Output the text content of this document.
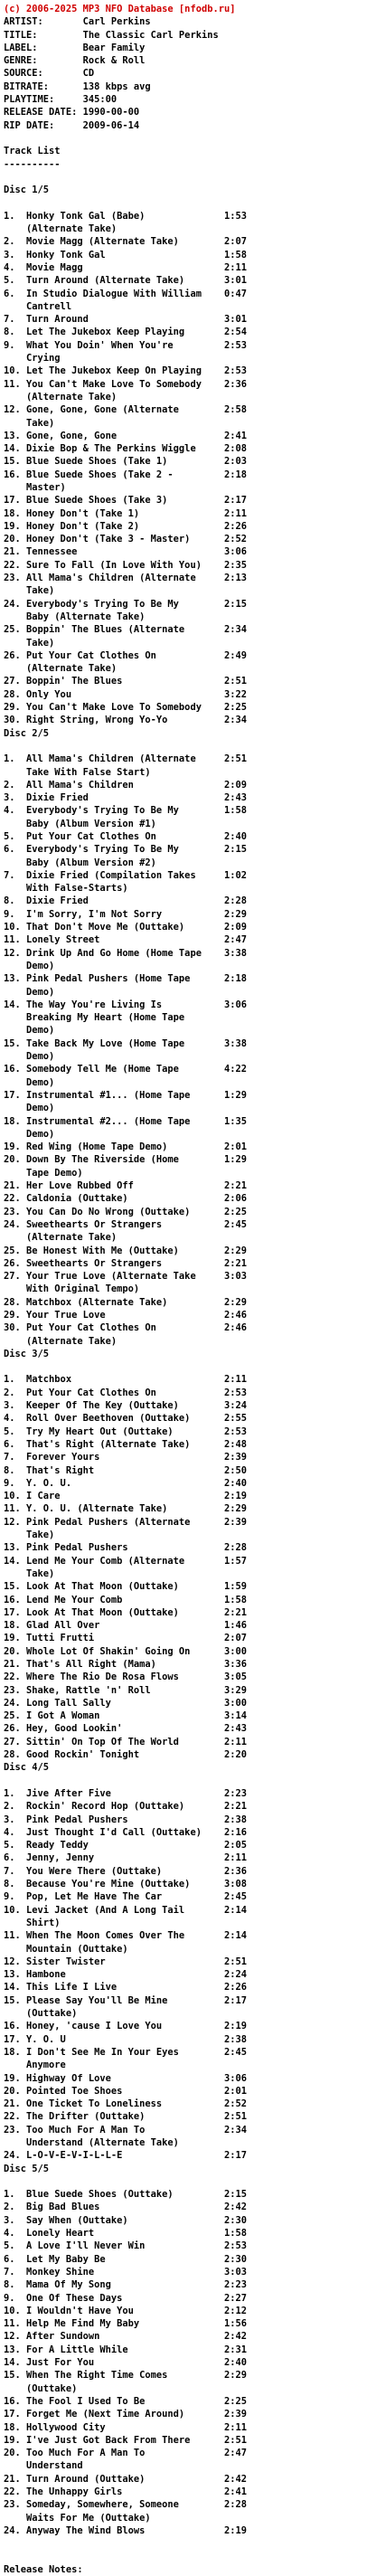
(c) 2006-2025 MP3 NFO Database [nfodb.ru]
ARTIST:       Carl Perkins
TITLE:        The Classic Carl Perkins
LABEL:        Bear Family
GENRE:        Rock & Roll
SOURCE:       CD
BITRATE:      138 kbps avg
PLAYTIME:     345:00
RELEASE DATE: 1990-00-00
RIP DATE:     2009-06-14

Track List
----------

Disc 1/5

1.  Honky Tonk Gal (Babe)              1:53
(Alternate Take)
2.  Movie Magg (Alternate Take)        2:07
3.  Honky Tonk Gal                     1:58
4.  Movie Magg                         2:11
5.  Turn Around (Alternate Take)       3:01
6.  In Studio Dialogue With William    0:47
Cantrell
7.  Turn Around                        3:01
8.  Let The Jukebox Keep Playing       2:54
9.  What You Doin' When You're         2:53
Crying
10. Let The Jukebox Keep On Playing    2:53
11. You Can't Make Love To Somebody    2:36
(Alternate Take)
12. Gone, Gone, Gone (Alternate        2:58
Take)
13. Gone, Gone, Gone                   2:41
14. Dixie Bop & The Perkins Wiggle     2:08
15. Blue Suede Shoes (Take 1)          2:03
16. Blue Suede Shoes (Take 2 -         2:18
Master)
17. Blue Suede Shoes (Take 3)          2:17
18. Honey Don't (Take 1)               2:11
19. Honey Don't (Take 2)               2:26
20. Honey Don't (Take 3 - Master)      2:52
21. Tennessee                          3:06
22. Sure To Fall (In Love With You)    2:35
23. All Mama's Children (Alternate     2:13
Take)
24. Everybody's Trying To Be My        2:15
Baby (Alternate Take)
25. Boppin' The Blues (Alternate       2:34
Take)
26. Put Your Cat Clothes On            2:49
(Alternate Take)
27. Boppin' The Blues                  2:51
28. Only You                           3:22
29. You Can't Make Love To Somebody    2:25
30. Right String, Wrong Yo-Yo          2:34
Disc 2/5

1.  All Mama's Children (Alternate     2:51
Take With False Start)
2.  All Mama's Children                2:09
3.  Dixie Fried                        2:43
4.  Everybody's Trying To Be My        1:58
Baby (Album Version #1)
5.  Put Your Cat Clothes On            2:40
6.  Everybody's Trying To Be My        2:15
Baby (Album Version #2)
7.  Dixie Fried (Compilation Takes     1:02
With False-Starts)
8.  Dixie Fried                        2:28
9.  I'm Sorry, I'm Not Sorry           2:29
10. That Don't Move Me (Outtake)       2:09
11. Lonely Street                      2:47
12. Drink Up And Go Home (Home Tape    3:38
Demo)
13. Pink Pedal Pushers (Home Tape      2:18
Demo)
14. The Way You're Living Is           3:06
Breaking My Heart (Home Tape
Demo)
15. Take Back My Love (Home Tape       3:38
Demo)
16. Somebody Tell Me (Home Tape        4:22
Demo)
17. Instrumental #1... (Home Tape      1:29
Demo)
18. Instrumental #2... (Home Tape      1:35
Demo)
19. Red Wing (Home Tape Demo)          2:01
20. Down By The Riverside (Home        1:29
Tape Demo)
21. Her Love Rubbed Off                2:21
22. Caldonia (Outtake)                 2:06
23. You Can Do No Wrong (Outtake)      2:25
24. Sweethearts Or Strangers           2:45
(Alternate Take)
25. Be Honest With Me (Outtake)        2:29
26. Sweethearts Or Strangers           2:21
27. Your True Love (Alternate Take     3:03
With Original Tempo)
28. Matchbox (Alternate Take)          2:29
29. Your True Love                     2:46
30. Put Your Cat Clothes On            2:46
(Alternate Take)
Disc 3/5

1.  Matchbox                           2:11
2.  Put Your Cat Clothes On            2:53
3.  Keeper Of The Key (Outtake)        3:24
4.  Roll Over Beethoven (Outtake)      2:55
5.  Try My Heart Out (Outtake)         2:53
6.  That's Right (Alternate Take)      2:48
7.  Forever Yours                      2:39
8.  That's Right                       2:50
9.  Y. O. U.                           2:40
10. I Care                             2:19
11. Y. O. U. (Alternate Take)          2:29
12. Pink Pedal Pushers (Alternate      2:39
Take)
13. Pink Pedal Pushers                 2:28
14. Lend Me Your Comb (Alternate       1:57
Take)
15. Look At That Moon (Outtake)        1:59
16. Lend Me Your Comb                  1:58
17. Look At That Moon (Outtake)        2:21
18. Glad All Over                      1:46
19. Tutti Frutti                       2:07
20. Whole Lot Of Shakin' Going On      3:00
21. That's All Right (Mama)            3:36
22. Where The Rio De Rosa Flows        3:05
23. Shake, Rattle 'n' Roll             3:29
24. Long Tall Sally                    3:00
25. I Got A Woman                      3:14
26. Hey, Good Lookin'                  2:43
27. Sittin' On Top Of The World        2:11
28. Good Rockin' Tonight               2:20
Disc 4/5

1.  Jive After Five                    2:23
2.  Rockin' Record Hop (Outtake)       2:21
3.  Pink Pedal Pushers                 2:38
4.  Just Thought I'd Call (Outtake)    2:16
5.  Ready Teddy                        2:05
6.  Jenny, Jenny                       2:11
7.  You Were There (Outtake)           2:36
8.  Because You're Mine (Outtake)      3:08
9.  Pop, Let Me Have The Car           2:45
10. Levi Jacket (And A Long Tail       2:14
Shirt)
11. When The Moon Comes Over The       2:14
Mountain (Outtake)
12. Sister Twister                     2:51
13. Hambone                            2:24
14. This Life I Live                   2:26
15. Please Say You'll Be Mine          2:17
(Outtake)
16. Honey, 'cause I Love You           2:19
17. Y. O. U                            2:38
18. I Don't See Me In Your Eyes        2:45
Anymore
19. Highway Of Love                    3:06
20. Pointed Toe Shoes                  2:01
21. One Ticket To Loneliness           2:52
22. The Drifter (Outtake)              2:51
23. Too Much For A Man To              2:34
Understand (Alternate Take)
24. L-O-V-E-V-I-L-L-E                  2:17
Disc 5/5

1.  Blue Suede Shoes (Outtake)         2:15
2.  Big Bad Blues                      2:42
3.  Say When (Outtake)                 2:30
4.  Lonely Heart                       1:58
5.  A Love I'll Never Win              2:53
6.  Let My Baby Be                     2:30
7.  Monkey Shine                       3:03
8.  Mama Of My Song                    2:23
9.  One Of These Days                  2:27
10. I Wouldn't Have You                2:12
11. Help Me Find My Baby               1:56
12. After Sundown                      2:42
13. For A Little While                 2:31
14. Just For You                       2:40
15. When The Right Time Comes          2:29
(Outtake)
16. The Fool I Used To Be              2:25
17. Forget Me (Next Time Around)       2:39
18. Hollywood City                     2:11
19. I've Just Got Back From There      2:51
20. Too Much For A Man To              2:47
Understand
21. Turn Around (Outtake)              2:42
22. The Unhappy Girls                  2:41
23. Someday, Somewhere, Someone        2:28
Waits For Me (Outtake)
24. Anyway The Wind Blows              2:19

Release Notes:
